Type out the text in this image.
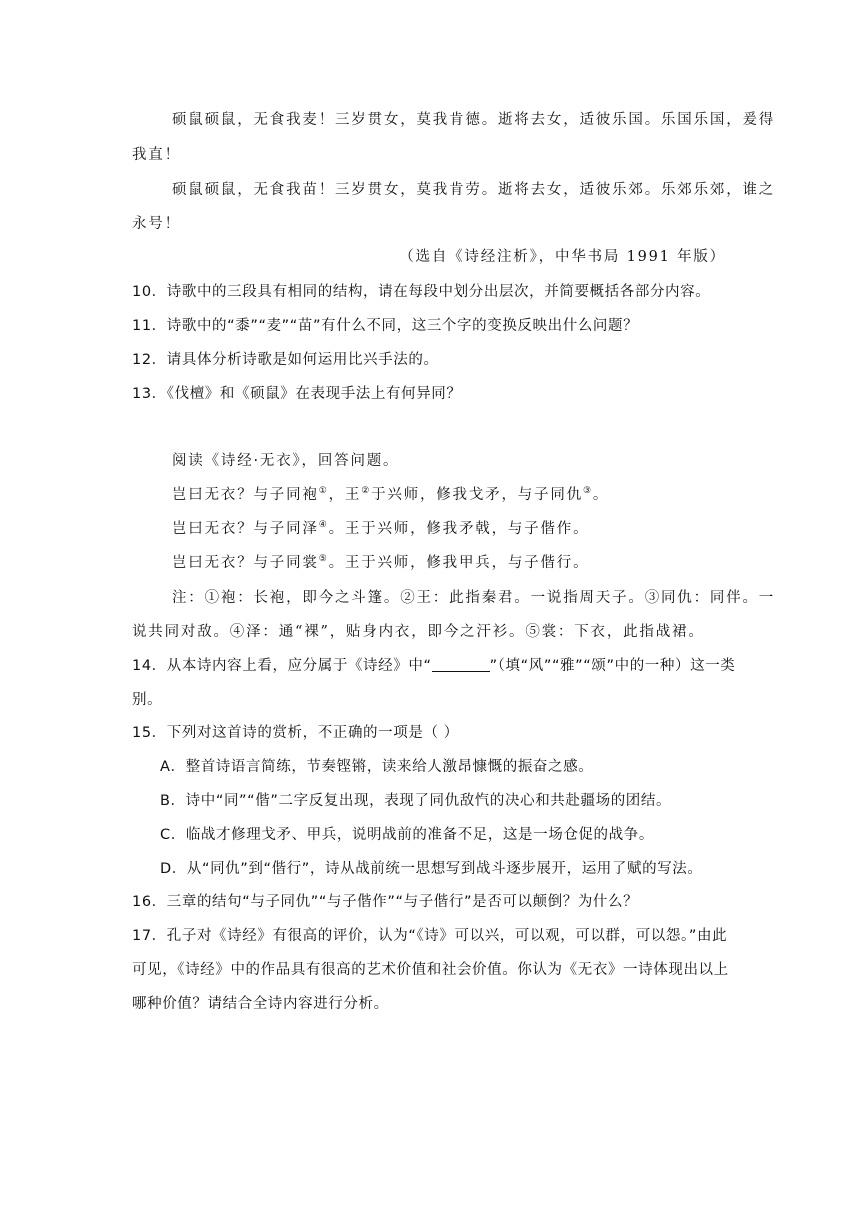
硕鼠硕鼠，无食我麦！三岁贯女，莫我肯德。逝将去女，适彼乐国。乐国乐国，爰得
我直！
硕鼠硕鼠，无食我苗！三岁贯女，莫我肯劳。逝将去女，适彼乐郊。乐郊乐郊，谁之
永号！
（选自《诗经注析》，中华书局 1991 年版）
10．诗歌中的三段具有相同的结构，请在每段中划分出层次，并简要概括各部分内容。
11．诗歌中的“黍”“麦”“苗”有什么不同，这三个字的变换反映出什么问题？
12．请具体分析诗歌是如何运用比兴手法的。
13．《伐檀》和《硕鼠》在表现手法上有何异同？
阅读《诗经·无衣》，回答问题。
岂曰无衣？与子同袍①，王②于兴师，修我戈矛，与子同仇③。
岂曰无衣？与子同泽④。王于兴师，修我矛戟，与子偕作。
岂曰无衣？与子同裳⑤。王于兴师，修我甲兵，与子偕行。
注：①袍：长袍，即今之斗篷。②王：此指秦君。一说指周天子。③同仇：同伴。一
说共同对敌。④泽：通“裸”，贴身内衣，即今之汗衫。⑤裳：下衣，此指战裙。
14．从本诗内容上看，应分属于《诗经》中“	”（填“风”“雅”“颂”中的一种）这一类
别。
15．下列对这首诗的赏析，不正确的一项是（ ）
A．整首诗语言简练，节奏铿锵，读来给人激昂慷慨的振奋之感。
B．诗中“同”“偕”二字反复出现，表现了同仇敌忾的决心和共赴疆场的团结。
C．临战才修理戈矛、甲兵，说明战前的准备不足，这是一场仓促的战争。
D．从“同仇”到“偕行”，诗从战前统一思想写到战斗逐步展开，运用了赋的写法。
16．三章的结句“与子同仇”“与子偕作”“与子偕行”是否可以颠倒？为什么？
17．孔子对《诗经》有很高的评价，认为“《诗》可以兴，可以观，可以群，可以怨。”由此
可见，《诗经》中的作品具有很高的艺术价值和社会价值。你认为《无衣》一诗体现出以上
哪种价值？请结合全诗内容进行分析。
